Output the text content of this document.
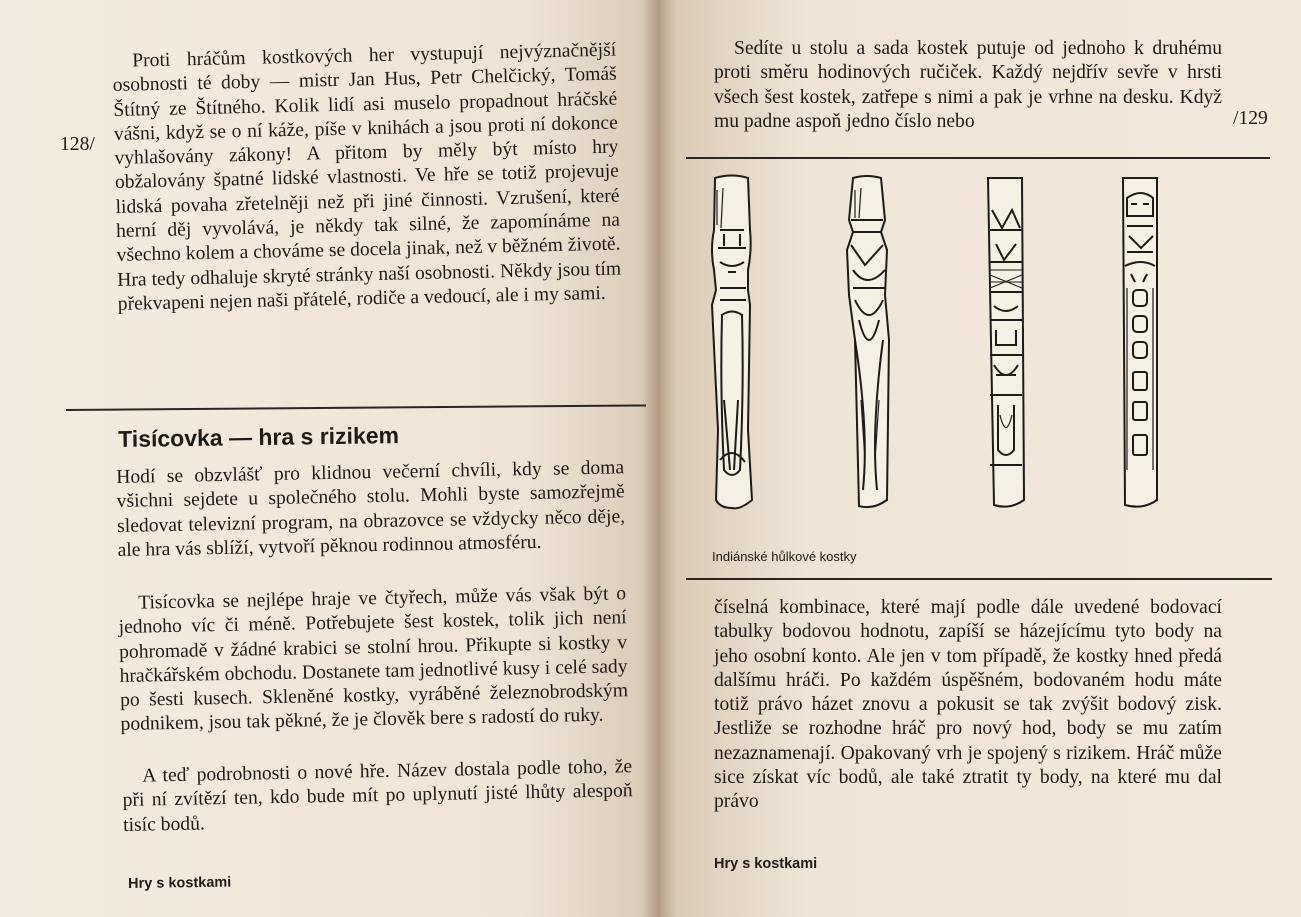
128/

Proti hráčům kostkových her vystupují nejvýznačnější osobnosti té doby — mistr Jan Hus, Petr Chelčický, Tomáš Štítný ze Štítného. Kolik lidí asi muselo propadnout hráčské vášni, když se o ní káže, píše v knihách a jsou proti ní dokonce vyhlašovány zákony! A přitom by měly být místo hry obžalovány špatné lidské vlastnosti. Ve hře se totiž projevuje lidská povaha zřetelněji než při jiné činnosti. Vzrušení, které herní děj vyvolává, je někdy tak silné, že zapomínáme na všechno kolem a chováme se docela jinak, než v běžném životě. Hra tedy odhaluje skryté stránky naší osobnosti. Někdy jsou tím překvapeni nejen naši přátelé, rodiče a vedoucí, ale i my sami.

Tisícovka — hra s rizikem

Hodí se obzvlášť pro klidnou večerní chvíli, kdy se doma všichni sejdete u společného stolu. Mohli byste samozřejmě sledovat televizní program, na obrazovce se vždycky něco děje, ale hra vás sblíží, vytvoří pěknou rodinnou atmosféru.

Tisícovka se nejlépe hraje ve čtyřech, může vás však být o jednoho víc či méně. Potřebujete šest kostek, tolik jich není pohromadě v žádné krabici se stolní hrou. Přikupte si kostky v hračkářském obchodu. Dostanete tam jednotlivé kusy i celé sady po šesti kusech. Skleněné kostky, vyráběné železnobrodským podnikem, jsou tak pěkné, že je člověk bere s radostí do ruky.

A teď podrobnosti o nové hře. Název dostala podle toho, že při ní zvítězí ten, kdo bude mít po uplynutí jisté lhůty alespoň tisíc bodů.

Hry s kostkami

Sedíte u stolu a sada kostek putuje od jednoho k druhému proti směru hodinových ručiček. Každý nejdřív sevře v hrsti všech šest kostek, zatřepe s nimi a pak je vrhne na desku. Když mu padne aspoň jedno číslo nebo	/129

Indiánské hůlkové kostky

číselná kombinace, které mají podle dále uvedené bodovací tabulky bodovou hodnotu, zapíší se házejícímu tyto body na jeho osobní konto. Ale jen v tom případě, že kostky hned předá dalšímu hráči. Po každém úspěšném, bodovaném hodu máte totiž právo házet znovu a pokusit se tak zvýšit bodový zisk. Jestliže se rozhodne hráč pro nový hod, body se mu zatím nezaznamenají. Opakovaný vrh je spojený s rizikem. Hráč může sice získat víc bodů, ale také ztratit ty body, na které mu dal právo

Hry s kostkami
